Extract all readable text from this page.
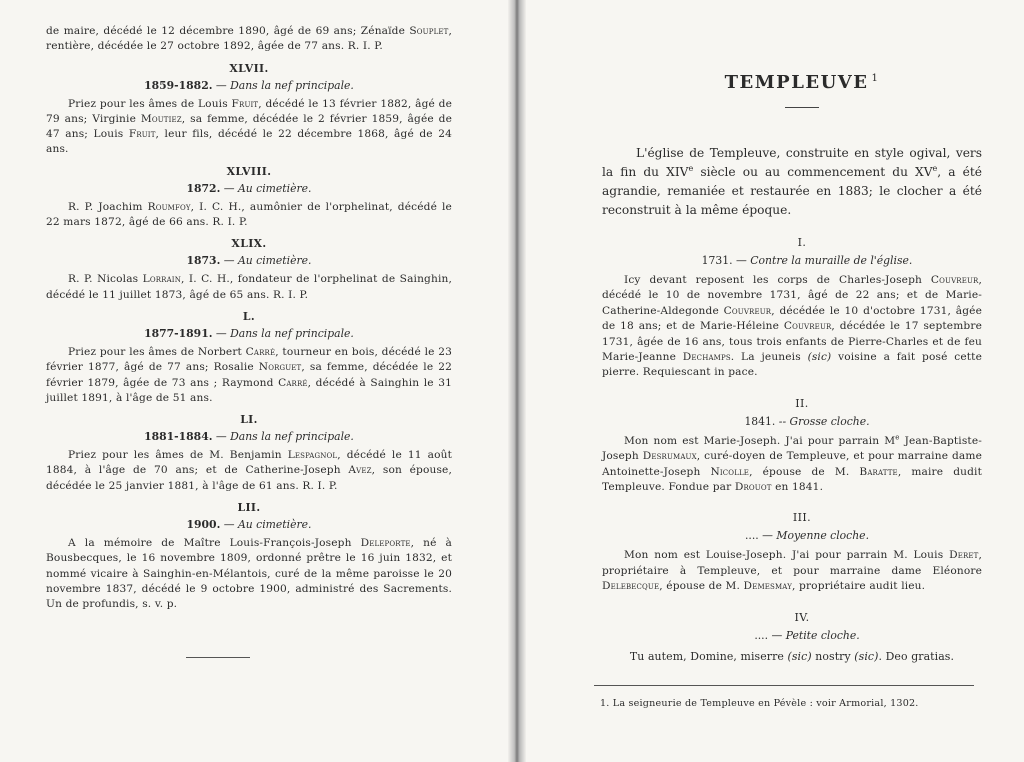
de maire, décédé le 12 décembre 1890, âgé de 69 ans; Zénaïde Souplet, rentière, décédée le 27 octobre 1892, âgée de 77 ans. R. I. P.

XLVII.
1859-1882. — Dans la nef principale.

Priez pour les âmes de Louis Fruit, décédé le 13 février 1882, âgé de 79 ans; Virginie Moutiez, sa femme, décédée le 2 février 1859, âgée de 47 ans; Louis Fruit, leur fils, décédé le 22 décembre 1868, âgé de 24 ans.

XLVIII.
1872. — Au cimetière.

R. P. Joachim Roumfoy, I. C. H., aumônier de l'orphelinat, décédé le 22 mars 1872, âgé de 66 ans. R. I. P.

XLIX.
1873. — Au cimetière.

R. P. Nicolas Lorrain, I. C. H., fondateur de l'orphelinat de Sainghin, décédé le 11 juillet 1873, âgé de 65 ans. R. I. P.

L.
1877-1891. — Dans la nef principale.

Priez pour les âmes de Norbert Carré, tourneur en bois, décédé le 23 février 1877, âgé de 77 ans; Rosalie Norguet, sa femme, décédée le 22 février 1879, âgée de 73 ans ; Raymond Carré, décédé à Sainghin le 31 juillet 1891, à l'âge de 51 ans.

LI.
1881-1884. — Dans la nef principale.

Priez pour les âmes de M. Benjamin Lespagnol, décédé le 11 août 1884, à l'âge de 70 ans; et de Catherine-Joseph Avez, son épouse, décédée le 25 janvier 1881, à l'âge de 61 ans. R. I. P.

LII.
1900. — Au cimetière.

A la mémoire de Maître Louis-François-Joseph Deleporte, né à Bousbecques, le 16 novembre 1809, ordonné prêtre le 16 juin 1832, et nommé vicaire à Sainghin-en-Mélantois, curé de la même paroisse le 20 novembre 1837, décédé le 9 octobre 1900, administré des Sacrements. Un de profundis, s. v. p.

TEMPLEUVE $^1$

L'église de Templeuve, construite en style ogival, vers la fin du XIVe siècle ou au commencement du XVe, a été agrandie, remaniée et restaurée en 1883; le clocher a été reconstruit à la même époque.

I.
1731. — Contre la muraille de l'église.

Icy devant reposent les corps de Charles-Joseph Couvreur, décédé le 10 de novembre 1731, âgé de 22 ans; et de Marie-Catherine-Aldegonde Couvreur, décédée le 10 d'octobre 1731, âgée de 18 ans; et de Marie-Héleine Couvreur, décédée le 17 septembre 1731, âgée de 16 ans, tous trois enfants de Pierre-Charles et de feu Marie-Jeanne Dechamps. La jeuneis (sic) voisine a fait posé cette pierre. Requiescant in pace.

II.
1841. -- Grosse cloche.

Mon nom est Marie-Joseph. J'ai pour parrain Me Jean-Baptiste-Joseph Desrumaux, curé-doyen de Templeuve, et pour marraine dame Antoinette-Joseph Nicolle, épouse de M. Baratte, maire dudit Templeuve. Fondue par Drouot en 1841.

III.
.... — Moyenne cloche.

Mon nom est Louise-Joseph. J'ai pour parrain M. Louis Deret, propriétaire à Templeuve, et pour marraine dame Eléonore Delebecque, épouse de M. Demesmay, propriétaire audit lieu.

IV.
.... — Petite cloche.

Tu autem, Domine, miserre (sic) nostry (sic). Deo gratias.

1. La seigneurie de Templeuve en Pévèle : voir Armorial, 1302.
